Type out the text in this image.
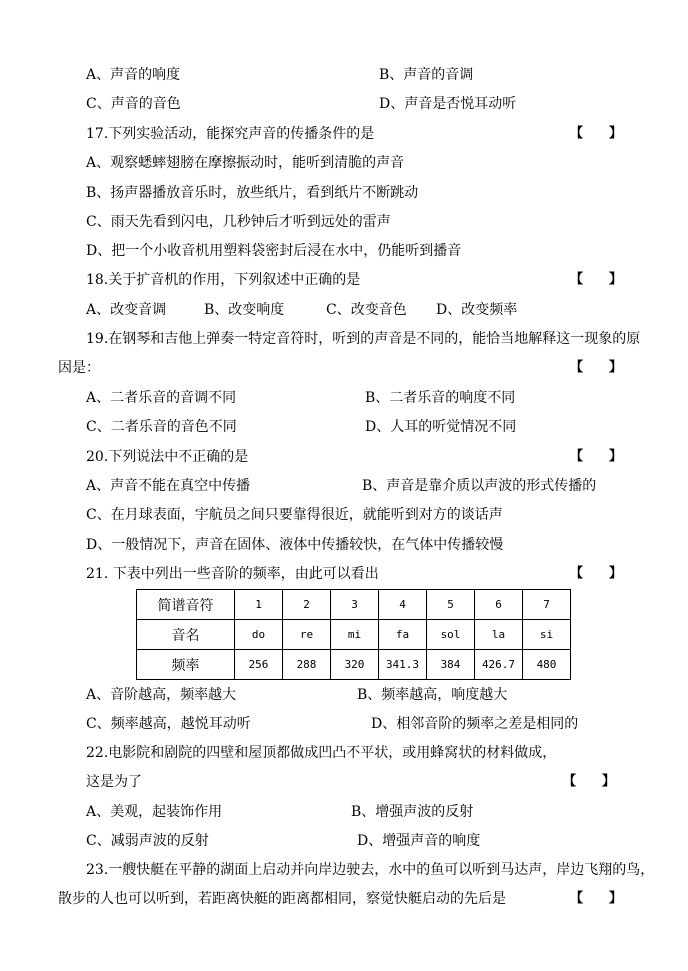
A、声音的响度	B、声音的音调
C、声音的音色	D、声音是否悦耳动听
17.下列实验活动，能探究声音的传播条件的是	【　　】
A、观察蟋蟀翅膀在摩擦振动时，能听到清脆的声音
B、扬声器播放音乐时，放些纸片，看到纸片不断跳动
C、雨天先看到闪电，几秒钟后才听到远处的雷声
D、把一个小收音机用塑料袋密封后浸在水中，仍能听到播音
18.关于扩音机的作用，下列叙述中正确的是	【　　】
A、改变音调	B、改变响度	C、改变音色 D、改变频率
19.在钢琴和吉他上弹奏一特定音符时，听到的声音是不同的，能恰当地解释这一现象的原
因是：	【　　】
A、二者乐音的音调不同	B、二者乐音的响度不同
C、二者乐音的音色不同	D、人耳的听觉情况不同
20.下列说法中不正确的是	【　　】
A、声音不能在真空中传播	B、声音是靠介质以声波的形式传播的
C、在月球表面，宇航员之间只要靠得很近，就能听到对方的谈话声
D、一般情况下，声音在固体、液体中传播较快，在气体中传播较慢
21. 下表中列出一些音阶的频率，由此可以看出	【　　】
简谱音符	1	2	3	4	5	6	7
音名	do	re	mi	fa	sol	la	si
频率	256	288	320	341.3	384	426.7	480
A、音阶越高，频率越大	B、频率越高，响度越大
C、频率越高，越悦耳动听	D、相邻音阶的频率之差是相同的
22.电影院和剧院的四壁和屋顶都做成凹凸不平状，或用蜂窝状的材料做成，
这是为了	【　　】
A、美观，起装饰作用	B、增强声波的反射
C、减弱声波的反射	D、增强声音的响度
23.一艘快艇在平静的湖面上启动并向岸边驶去，水中的鱼可以听到马达声，岸边飞翔的鸟，
散步的人也可以听到，若距离快艇的距离都相同，察觉快艇启动的先后是	【　　】
